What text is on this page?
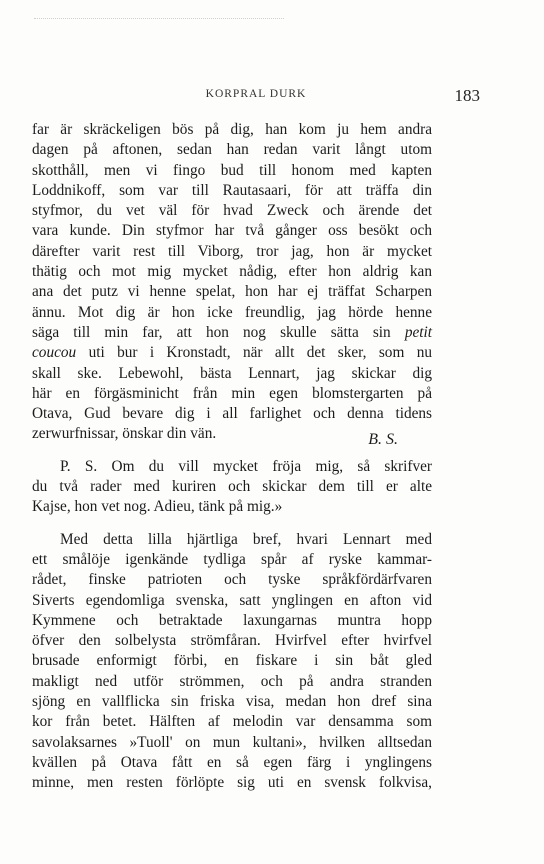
KORPRAL DURK	183
far är skräckeligen bös på dig, han kom ju hem andra
dagen på aftonen, sedan han redan varit långt utom
skotthåll, men vi fingo bud till honom med kapten
Loddnikoff, som var till Rautasaari, för att träffa din
styfmor, du vet väl för hvad Zweck och ärende det
vara kunde. Din styfmor har två gånger oss besökt och
därefter varit rest till Viborg, tror jag, hon är mycket
thätig och mot mig mycket nådig, efter hon aldrig kan
ana det putz vi henne spelat, hon har ej träffat Scharpen
ännu. Mot dig är hon icke freundlig, jag hörde henne
säga till min far, att hon nog skulle sätta sin petit
coucou uti bur i Kronstadt, när allt det sker, som nu
skall ske. Lebewohl, bästa Lennart, jag skickar dig
här en förgäsminicht från min egen blomstergarten på
Otava, Gud bevare dig i all farlighet och denna tidens
zerwurfnissar, önskar din vän.	B. S.
P. S. Om du vill mycket fröja mig, så skrifver
du två rader med kuriren och skickar dem till er alte
Kajse, hon vet nog. Adieu, tänk på mig.»
Med detta lilla hjärtliga bref, hvari Lennart med
ett smålöje igenkände tydliga spår af ryske kammar-
rådet, finske patrioten och tyske språkfördärfvaren
Siverts egendomliga svenska, satt ynglingen en afton vid
Kymmene och betraktade laxungarnas muntra hopp
öfver den solbelysta strömfåran. Hvirfvel efter hvirfvel
brusade enformigt förbi, en fiskare i sin båt gled
makligt ned utför strömmen, och på andra stranden
sjöng en vallflicka sin friska visa, medan hon dref sina
kor från betet. Hälften af melodin var densamma som
savolaksarnes »Tuoll' on mun kultani», hvilken alltsedan
kvällen på Otava fått en så egen färg i ynglingens
minne, men resten förlöpte sig uti en svensk folkvisa,
